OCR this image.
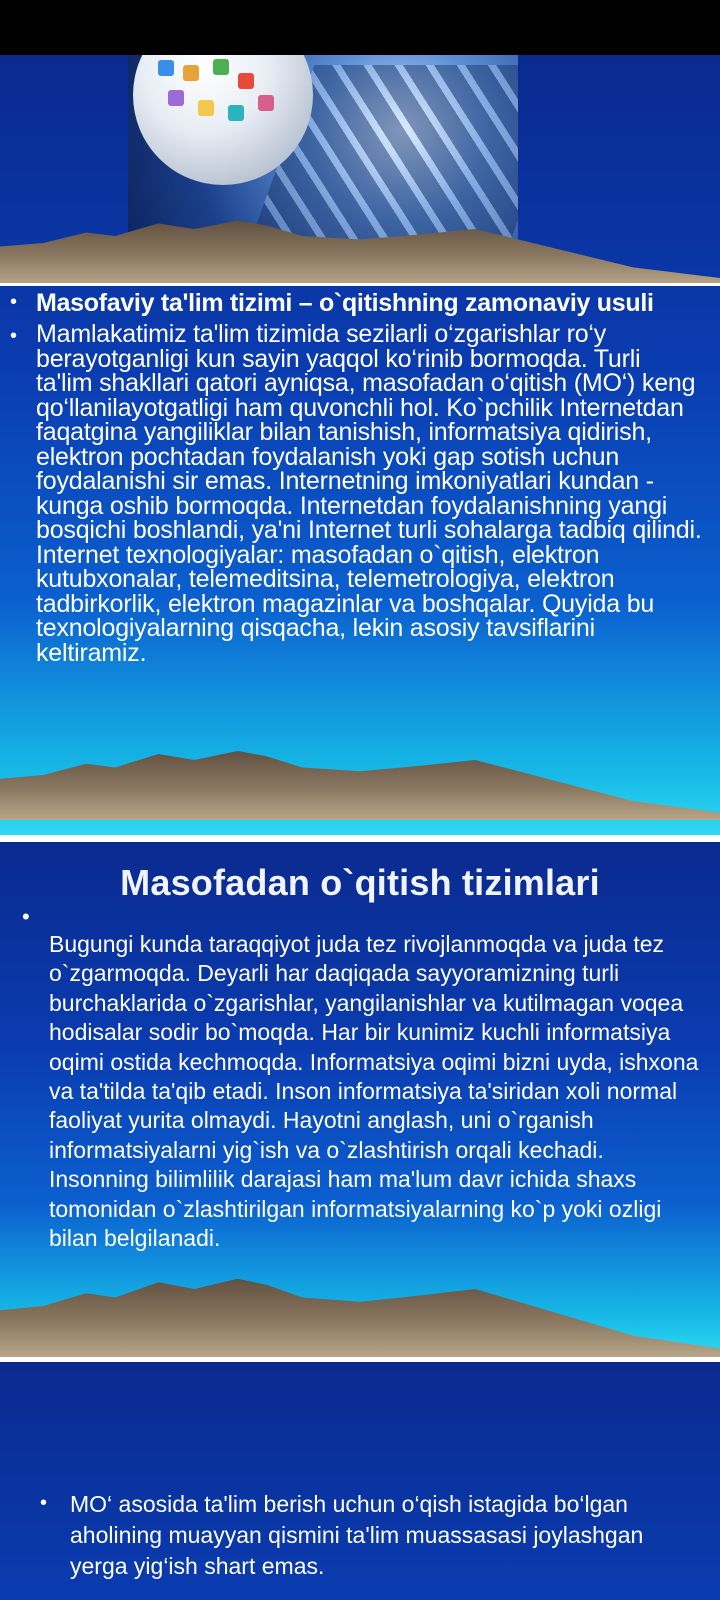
• Masofaviy ta'lim tizimi – o`qitishning zamonaviy usuli
• Mamlakatimiz ta'lim tizimida sezilarli o‘zgarishlar ro‘y berayotganligi kun sayin yaqqol ko‘rinib bormoqda. Turli ta'lim shakllari qatori ayniqsa, masofadan o‘qitish (MO‘) keng qo‘llanilayotgatligi ham quvonchli hol. Ko`pchilik Internetdan faqatgina yangiliklar bilan tanishish, informatsiya qidirish, elektron pochtadan foydalanish yoki gap sotish uchun foydalanishi sir emas. Internetning imkoniyatlari kundan - kunga oshib bormoqda. Internetdan foydalanishning yangi bosqichi boshlandi, ya'ni Internet turli sohalarga tadbiq qilindi. Internet texnologiyalar: masofadan o`qitish, elektron kutubxonalar, telemeditsina, telemetrologiya, elektron tadbirkorlik, elektron magazinlar va boshqalar. Quyida bu texnologiyalarning qisqacha, lekin asosiy tavsiflarini keltiramiz.
Masofadan o`qitish tizimlari
•
Bugungi kunda taraqqiyot juda tez rivojlanmoqda va juda tez o`zgarmoqda. Deyarli har daqiqada sayyoramizning turli burchaklarida o`zgarishlar, yangilanishlar va kutilmagan voqea hodisalar sodir bo`moqda. Har bir kunimiz kuchli informatsiya oqimi ostida kechmoqda. Informatsiya oqimi bizni uyda, ishxona va ta'tilda ta'qib etadi. Inson informatsiya ta'siridan xoli normal faoliyat yurita olmaydi. Hayotni anglash, uni o`rganish informatsiyalarni yig`ish va o`zlashtirish orqali kechadi. Insonning bilimlilik darajasi ham ma'lum davr ichida shaxs tomonidan o`zlashtirilgan informatsiyalarning ko`p yoki ozligi bilan belgilanadi.
• MO‘ asosida ta'lim berish uchun o‘qish istagida bo‘lgan aholining muayyan qismini ta'lim muassasasi joylashgan yerga yig‘ish shart emas.
